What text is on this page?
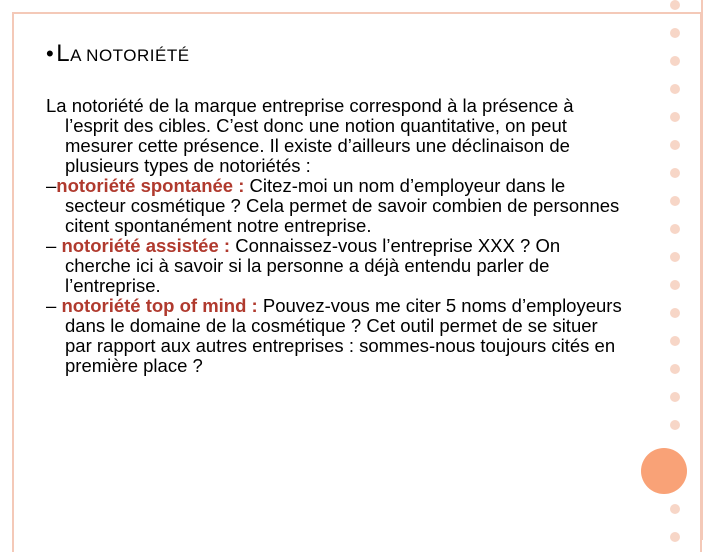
•LA NOTORIÉTÉ

La notoriété de la marque entreprise correspond à la présence à l’esprit des cibles. C’est donc une notion quantitative, on peut mesurer cette présence. Il existe d’ailleurs une déclinaison de plusieurs types de notoriétés :

–notoriété spontanée : Citez-moi un nom d’employeur dans le secteur cosmétique ? Cela permet de savoir combien de personnes citent spontanément notre entreprise.

– notoriété assistée : Connaissez-vous l’entreprise XXX ? On cherche ici à savoir si la personne a déjà entendu parler de l’entreprise.

– notoriété top of mind : Pouvez-vous me citer 5 noms d’employeurs dans le domaine de la cosmétique ? Cet outil permet de se situer par rapport aux autres entreprises : sommes-nous toujours cités en première place ?
